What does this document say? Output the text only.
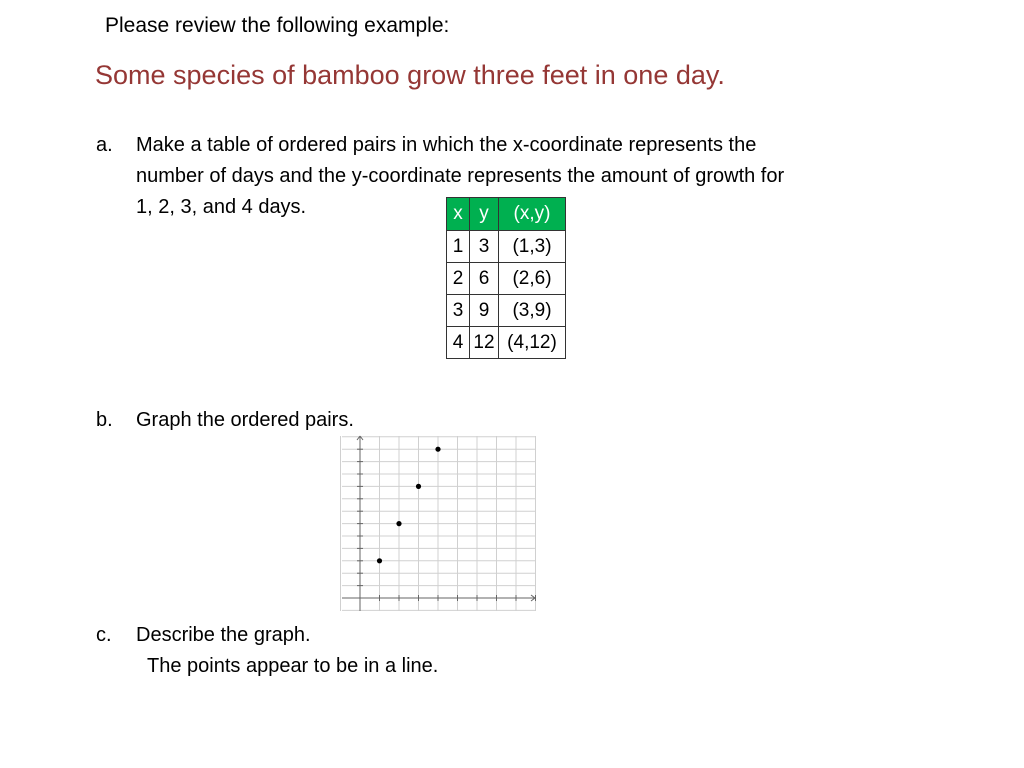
Please review the following example:
Some species of bamboo grow three feet in one day.
a.	Make a table of ordered pairs in which the x-coordinate represents the
number of days and the y-coordinate represents the amount of growth for
1, 2, 3, and 4 days.	x	y	(x,y)
1	3	(1,3)
2	6	(2,6)
3	9	(3,9)
4	12	(4,12)
b.	Graph the ordered pairs.
c.	Describe the graph.
The points appear to be in a line.
